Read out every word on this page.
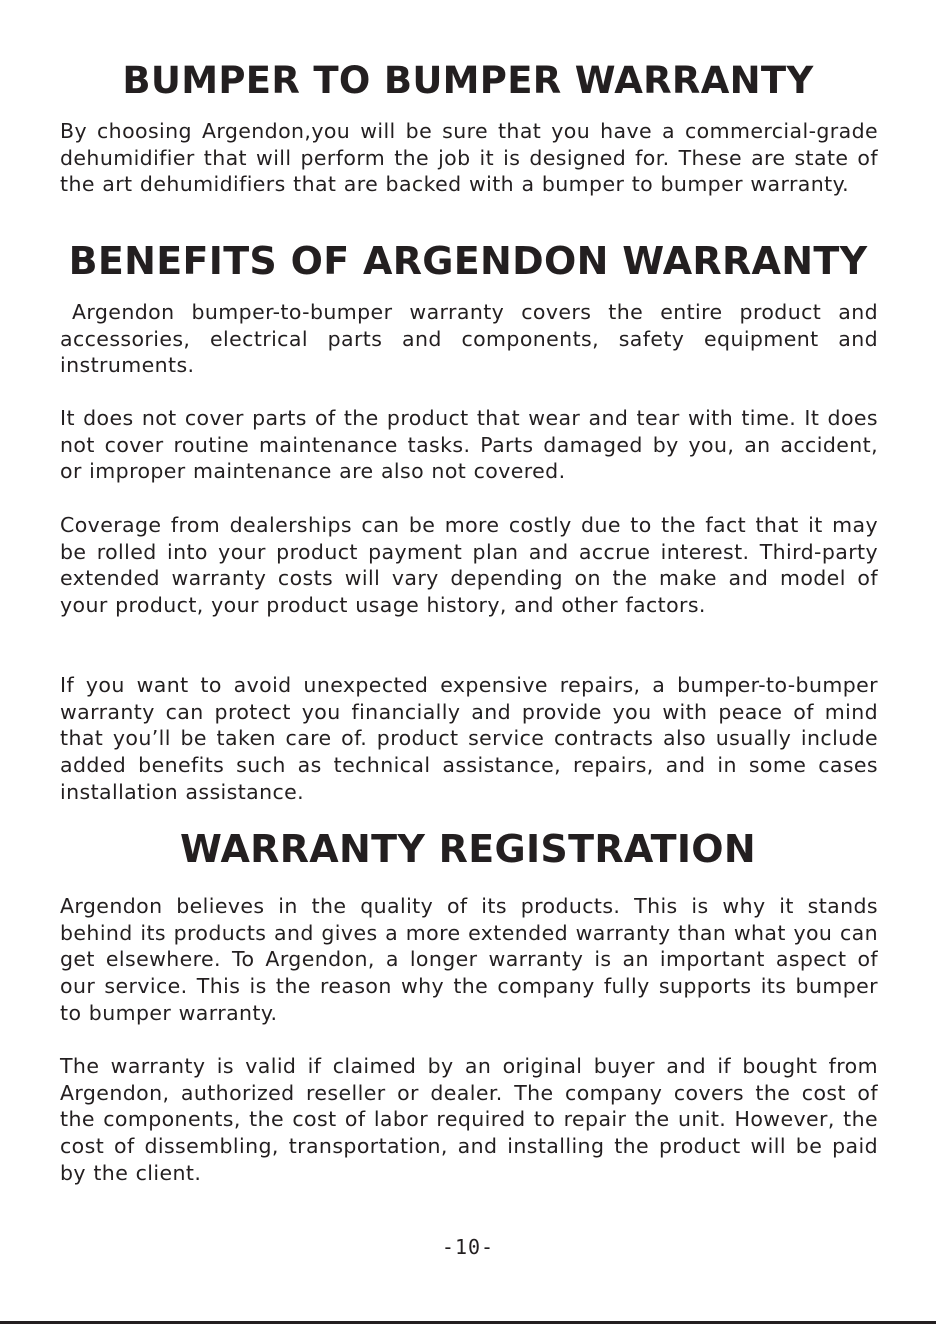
BUMPER TO BUMPER WARRANTY

By choosing Argendon,you will be sure that you have a commercial-grade dehumidifier that will perform the job it is designed for. These are state of the art dehumidifiers that are backed with a bumper to bumper warranty.

BENEFITS OF ARGENDON WARRANTY

Argendon bumper-to-bumper warranty covers the entire product and accessories, electrical parts and components, safety equipment and instruments.

It does not cover parts of the product that wear and tear with time. It does not cover routine maintenance tasks. Parts damaged by you, an accident, or improper maintenance are also not covered.

Coverage from dealerships can be more costly due to the fact that it may be rolled into your product payment plan and accrue interest. Third-party extended warranty costs will vary depending on the make and model of your product, your product usage history, and other factors.

If you want to avoid unexpected expensive repairs, a bumper-to-bumper warranty can protect you financially and provide you with peace of mind that you’ll be taken care of. product service contracts also usually include added benefits such as technical assistance, repairs, and in some cases installation assistance.

WARRANTY REGISTRATION

Argendon believes in the quality of its products. This is why it stands behind its products and gives a more extended warranty than what you can get elsewhere. To Argendon, a longer warranty is an important aspect of our service. This is the reason why the company fully supports its bumper to bumper warranty.

The warranty is valid if claimed by an original buyer and if bought from Argendon, authorized reseller or dealer. The company covers the cost of the components, the cost of labor required to repair the unit. However, the cost of dissembling, transportation, and installing the product will be paid by the client.

-10-
